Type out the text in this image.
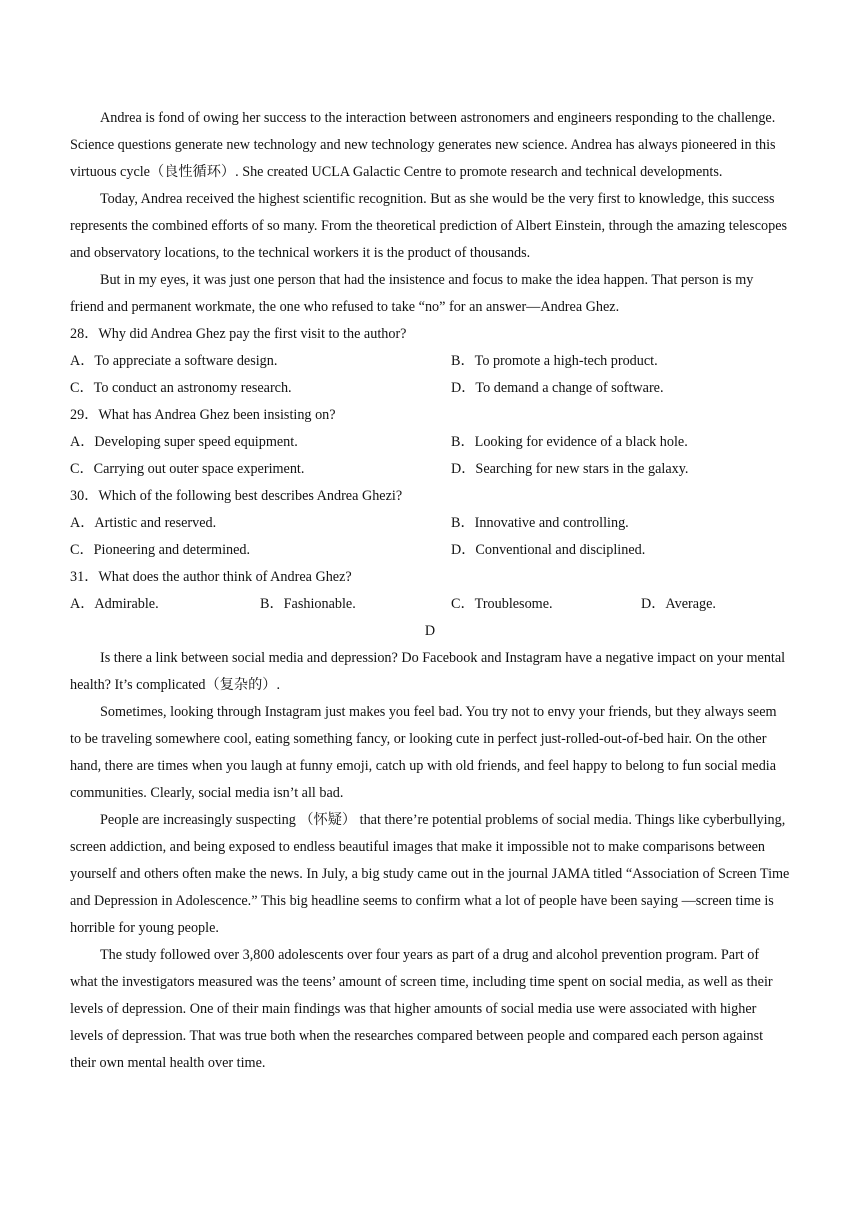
Andrea is fond of owing her success to the interaction between astronomers and engineers responding to the challenge. Science questions generate new technology and new technology generates new science. Andrea has always pioneered in this virtuous cycle（良性循环）. She created UCLA Galactic Centre to promote research and technical developments.

Today, Andrea received the highest scientific recognition. But as she would be the very first to knowledge, this success represents the combined efforts of so many. From the theoretical prediction of Albert Einstein, through the amazing telescopes and observatory locations, to the technical workers it is the product of thousands.

But in my eyes, it was just one person that had the insistence and focus to make the idea happen. That person is my friend and permanent workmate, the one who refused to take “no” for an answer—Andrea Ghez.

28．Why did Andrea Ghez pay the first visit to the author?

A．To appreciate a software design.	B．To promote a high-tech product.
C．To conduct an astronomy research.	D．To demand a change of software.

29．What has Andrea Ghez been insisting on?

A．Developing super speed equipment.	B．Looking for evidence of a black hole.
C．Carrying out outer space experiment.	D．Searching for new stars in the galaxy.

30．Which of the following best describes Andrea Ghezi?

A．Artistic and reserved.	B．Innovative and controlling.
C．Pioneering and determined.	D．Conventional and disciplined.

31．What does the author think of Andrea Ghez?

A．Admirable.	B．Fashionable.	C．Troublesome.	D．Average.

D

Is there a link between social media and depression? Do Facebook and Instagram have a negative impact on your mental health? It’s complicated（复杂的）.

Sometimes, looking through Instagram just makes you feel bad. You try not to envy your friends, but they always seem to be traveling somewhere cool, eating something fancy, or looking cute in perfect just-rolled-out-of-bed hair. On the other hand, there are times when you laugh at funny emoji, catch up with old friends, and feel happy to belong to fun social media communities. Clearly, social media isn’t all bad.

People are increasingly suspecting （怀疑） that there’re potential problems of social media. Things like cyberbullying, screen addiction, and being exposed to endless beautiful images that make it impossible not to make comparisons between yourself and others often make the news. In July, a big study came out in the journal JAMA titled “Association of Screen Time and Depression in Adolescence.” This big headline seems to confirm what a lot of people have been saying —screen time is horrible for young people.

The study followed over 3,800 adolescents over four years as part of a drug and alcohol prevention program. Part of what the investigators measured was the teens’ amount of screen time, including time spent on social media, as well as their levels of depression. One of their main findings was that higher amounts of social media use were associated with higher levels of depression. That was true both when the researches compared between people and compared each person against their own mental health over time.
